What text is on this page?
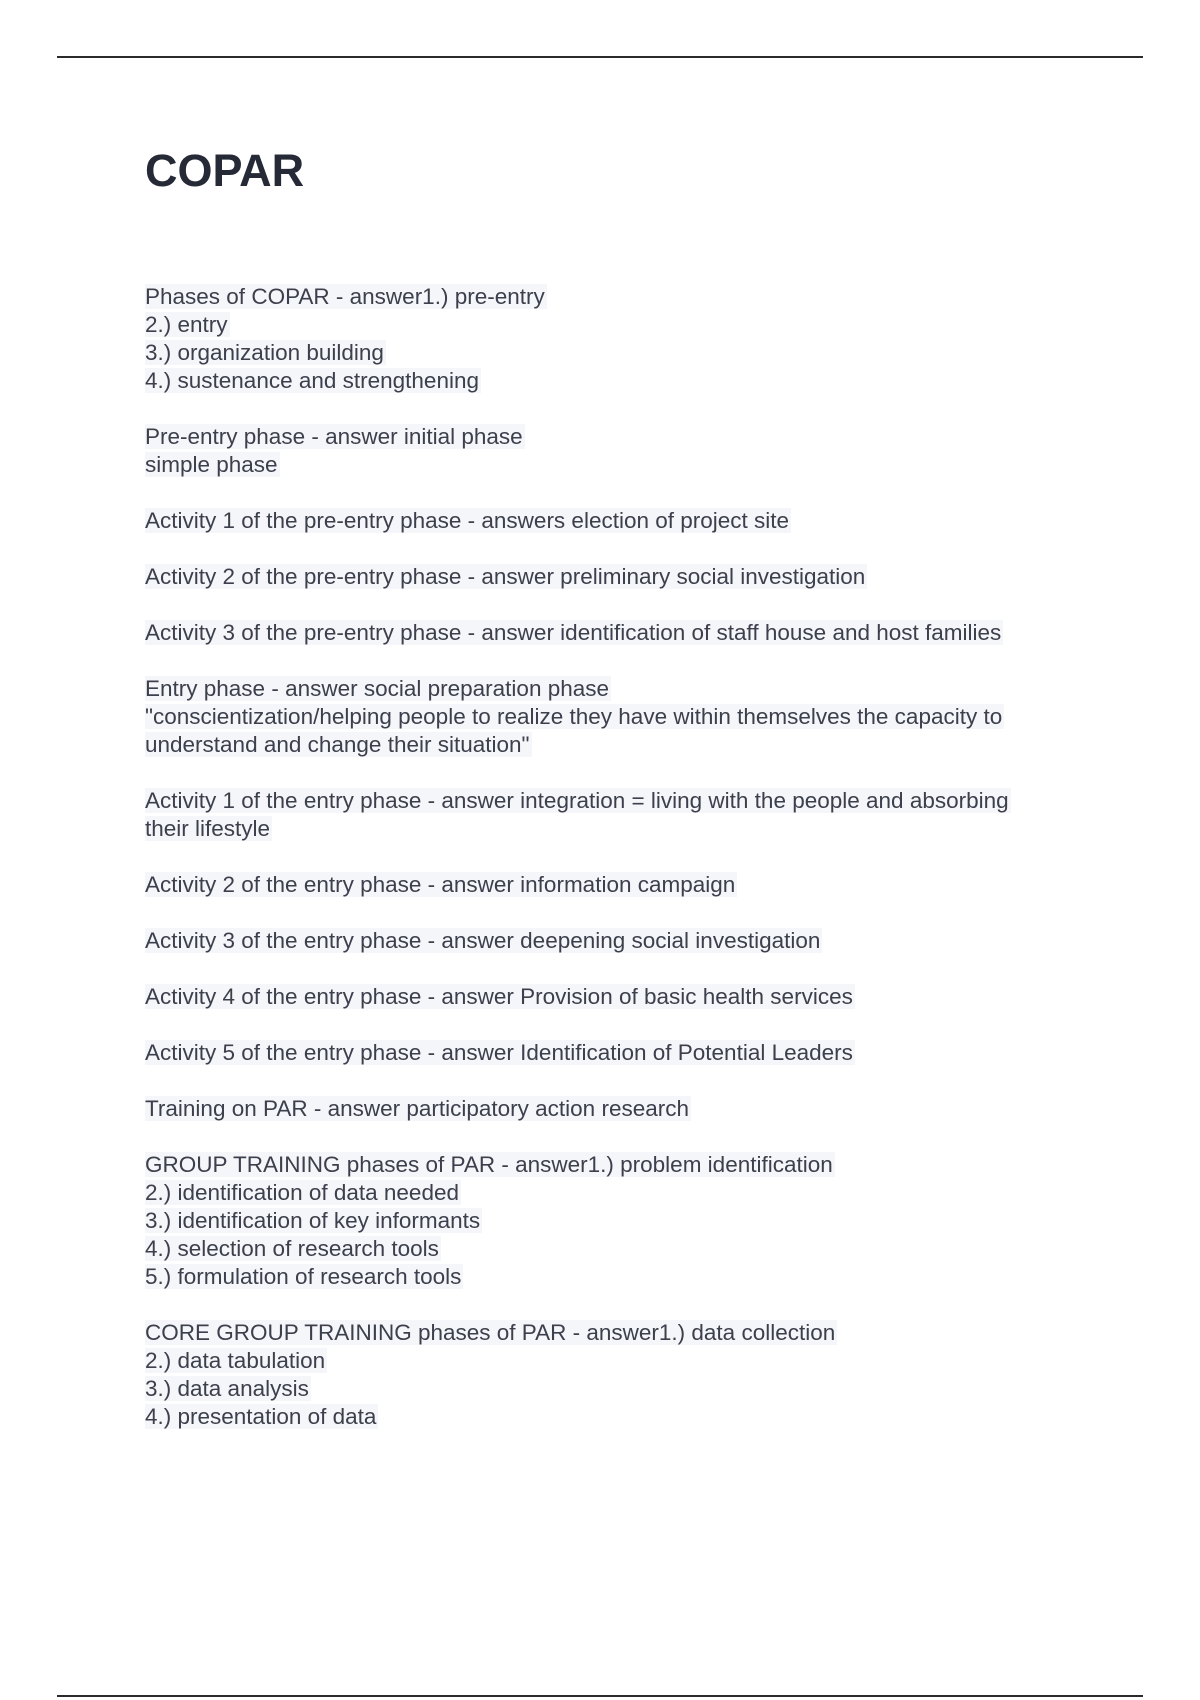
COPAR
Phases of COPAR - answer1.) pre-entry
2.) entry
3.) organization building
4.) sustenance and strengthening
Pre-entry phase - answer initial phase
simple phase
Activity 1 of the pre-entry phase - answers election of project site
Activity 2 of the pre-entry phase - answer preliminary social investigation
Activity 3 of the pre-entry phase - answer identification of staff house and host families
Entry phase - answer social preparation phase
"conscientization/helping people to realize they have within themselves the capacity to
understand and change their situation"
Activity 1 of the entry phase - answer integration = living with the people and absorbing
their lifestyle
Activity 2 of the entry phase - answer information campaign
Activity 3 of the entry phase - answer deepening social investigation
Activity 4 of the entry phase - answer Provision of basic health services
Activity 5 of the entry phase - answer Identification of Potential Leaders
Training on PAR - answer participatory action research
GROUP TRAINING phases of PAR - answer1.) problem identification
2.) identification of data needed
3.) identification of key informants
4.) selection of research tools
5.) formulation of research tools
CORE GROUP TRAINING phases of PAR - answer1.) data collection
2.) data tabulation
3.) data analysis
4.) presentation of data
